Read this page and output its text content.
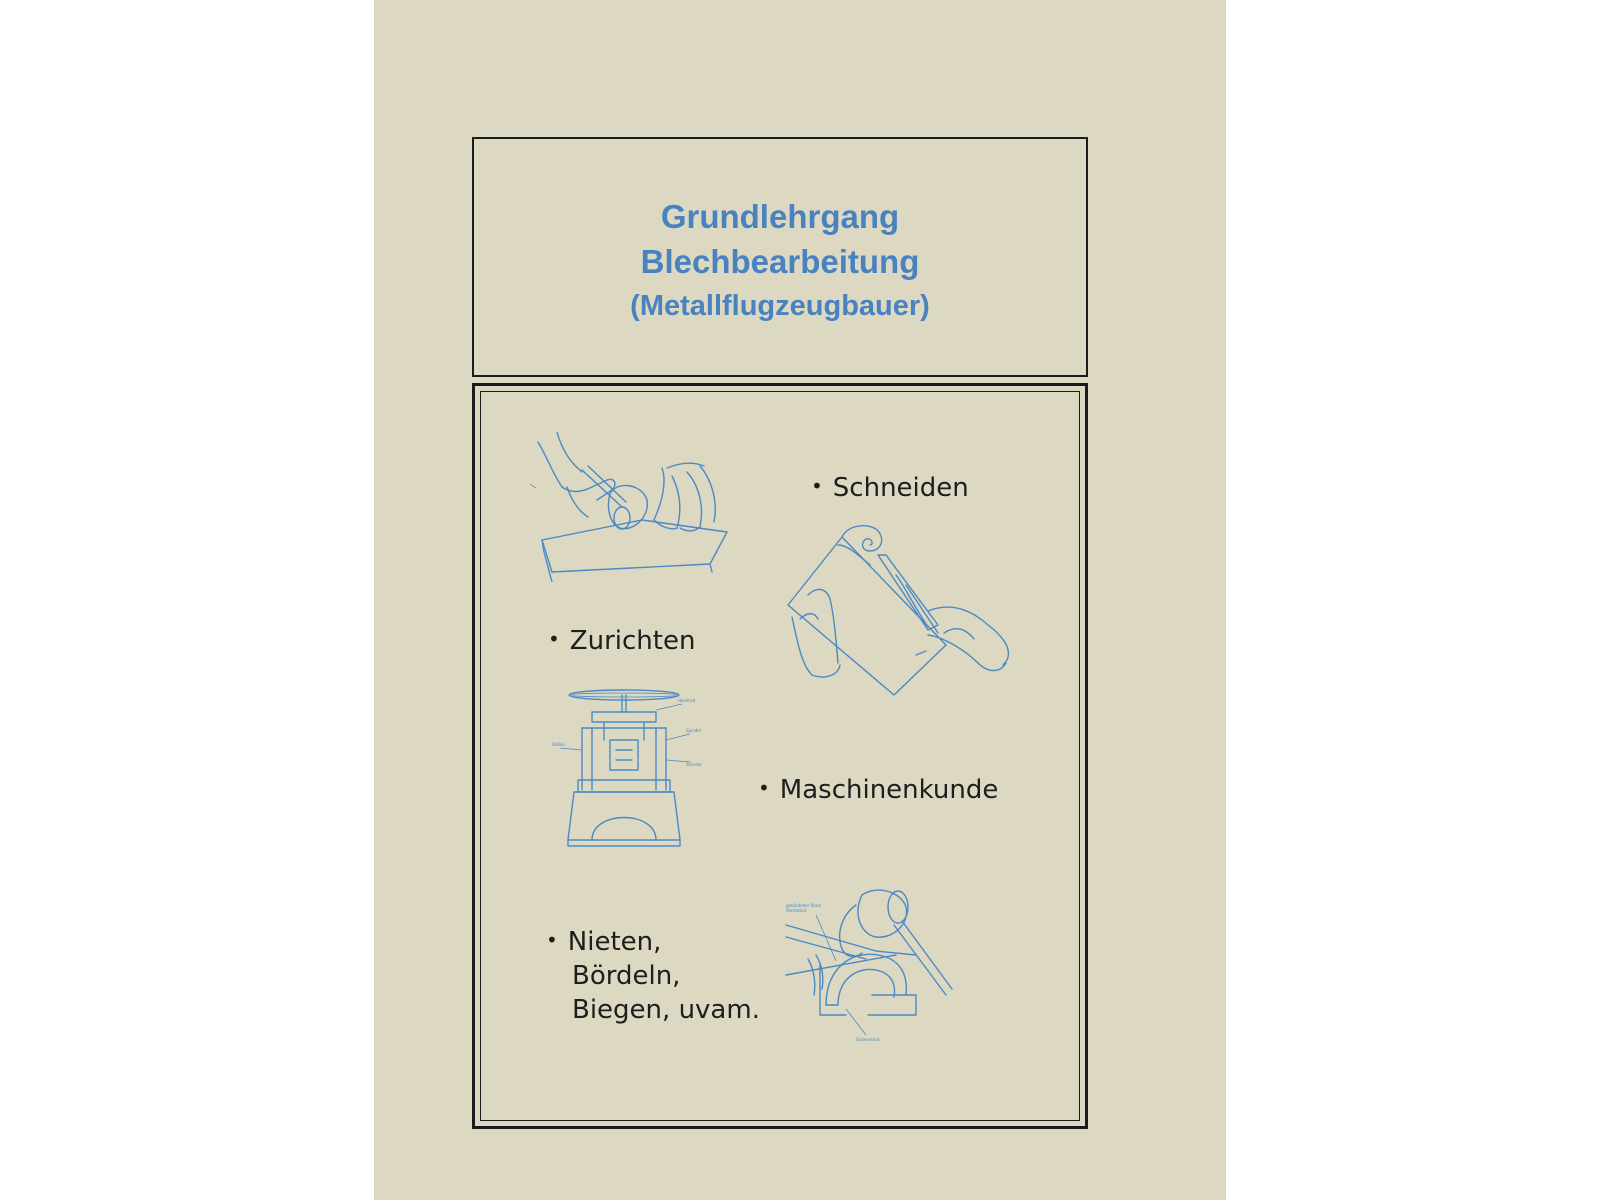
Grundlehrgang
Blechbearbeitung
(Metallflugzeugbauer)
• Schneiden
• Zurichten
• Maschinenkunde
• Nieten,
Bördeln,
Biegen, uvam.
Handrad
Spindel
Stößel
Ständer
gebördelter Rand
Werkstück
Sickenstock
